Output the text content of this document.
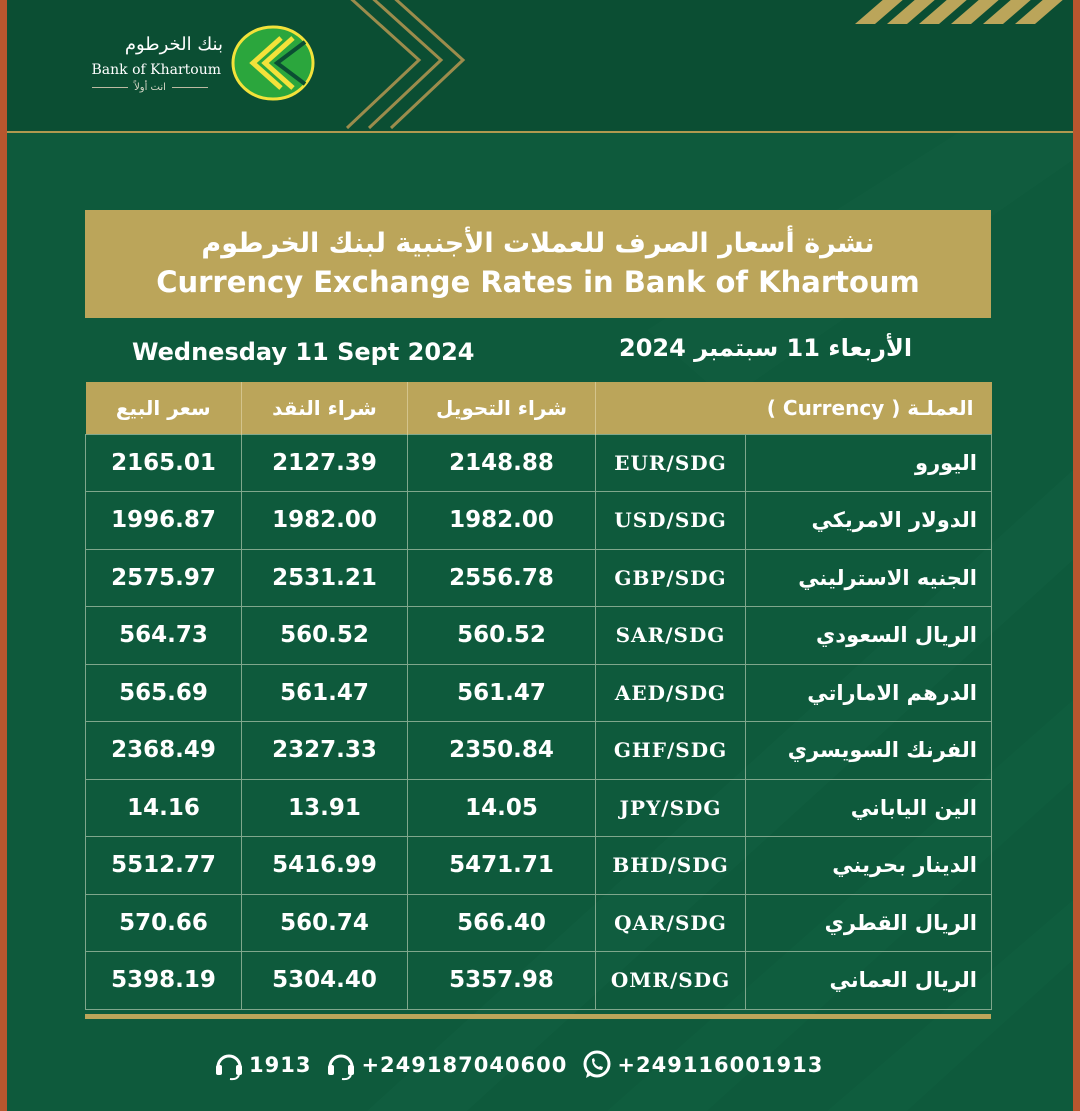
بنك الخرطوم
Bank of Khartoum
انت أولاً
نشرة أسعار الصرف للعملات الأجنبية لبنك الخرطوم
Currency Exchange Rates in Bank of Khartoum
Wednesday 11 Sept 2024	الأربعاء 11 سبتمبر 2024
سعر البيع	شراء النقد	شراء التحويل	العملـة ( Currency )	
2165.01	2127.39	2148.88	EUR/SDG	اليورو
1996.87	1982.00	1982.00	USD/SDG	الدولار الامريكي
2575.97	2531.21	2556.78	GBP/SDG	الجنيه الاسترليني
564.73	560.52	560.52	SAR/SDG	الريال السعودي
565.69	561.47	561.47	AED/SDG	الدرهم الاماراتي
2368.49	2327.33	2350.84	GHF/SDG	الفرنك السويسري
14.16	13.91	14.05	JPY/SDG	الين الياباني
5512.77	5416.99	5471.71	BHD/SDG	الدينار بحريني
570.66	560.74	566.40	QAR/SDG	الريال القطري
5398.19	5304.40	5357.98	OMR/SDG	الريال العماني
1913 +249187040600 +249116001913
